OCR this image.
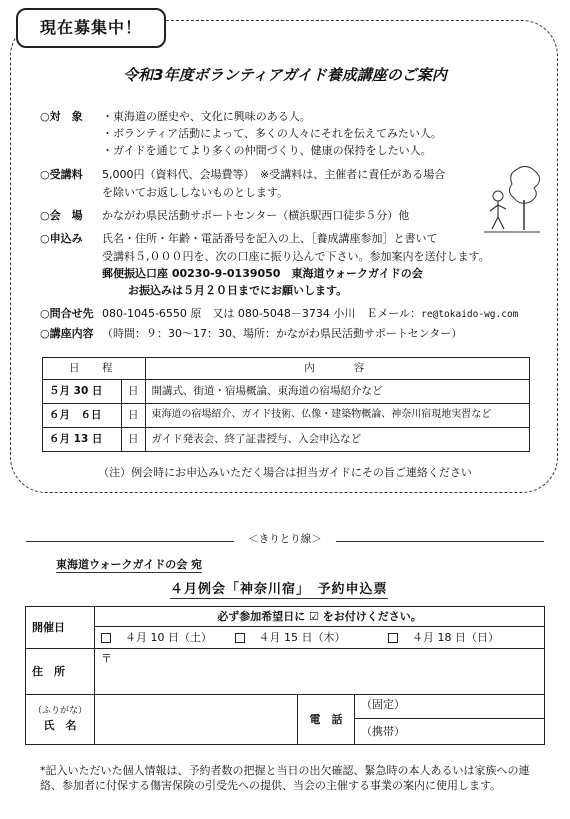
現在募集中！
令和3年度ボランティアガイド養成講座のご案内
○対　象 ・東海道の歴史や、文化に興味のある人。
・ボランティア活動によって、多くの人々にそれを伝えてみたい人。
・ガイドを通じてより多くの仲間づくり、健康の保持をしたい人。
○受講料 5,000円（資料代、会場費等）　※受講料は、主催者に責任がある場合
を除いてお返ししないものとします。
○会　場 かながわ県民活動サポートセンター（横浜駅西口徒歩５分）他
○申込み 氏名・住所・年齢・電話番号を記入の上、［養成講座参加］と書いて
受講料５,０００円を、次の口座に振り込んで下さい。参加案内を送付します。
郵便振込口座 00230-9-0139050　東海道ウォークガイドの会
お振込みは５月２０日までにお願いします。
○問合せ先 080-1045-6550 原　又は 080-5048－3734 小川　Ｅメール：re@tokaido-wg.com
○講座内容 （時間：９：30～17：30、場所：かながわ県民活動サポートセンター）
日　程		内　　容
５月 30 日	日	開講式、街道・宿場概論、東海道の宿場紹介など
６月　６日	日	東海道の宿場紹介、ガイド技術、仏像・建築物概論、神奈川宿現地実習など
６月 13 日	日	ガイド発表会、終了証書授与、入会申込など
（注）例会時にお申込みいただく場合は担当ガイドにその旨ご連絡ください
＜きりとり線＞
東海道ウォークガイドの会 宛
４月例会「神奈川宿」　予約申込票
開催日	必ず参加希望日に ☑ をお付けください。		
	４月 10 日（土） ４月 15 日（木） ４月 18 日（日）		
住　所	〒		

（ふりがな）
氏　名		電　話	（固定）
			（携帯）
*記入いただいた個人情報は、予約者数の把握と当日の出欠確認、緊急時の本人あるいは家族への連絡、参加者に付保する傷害保険の引受先への提供、当会の主催する事業の案内に使用します。
